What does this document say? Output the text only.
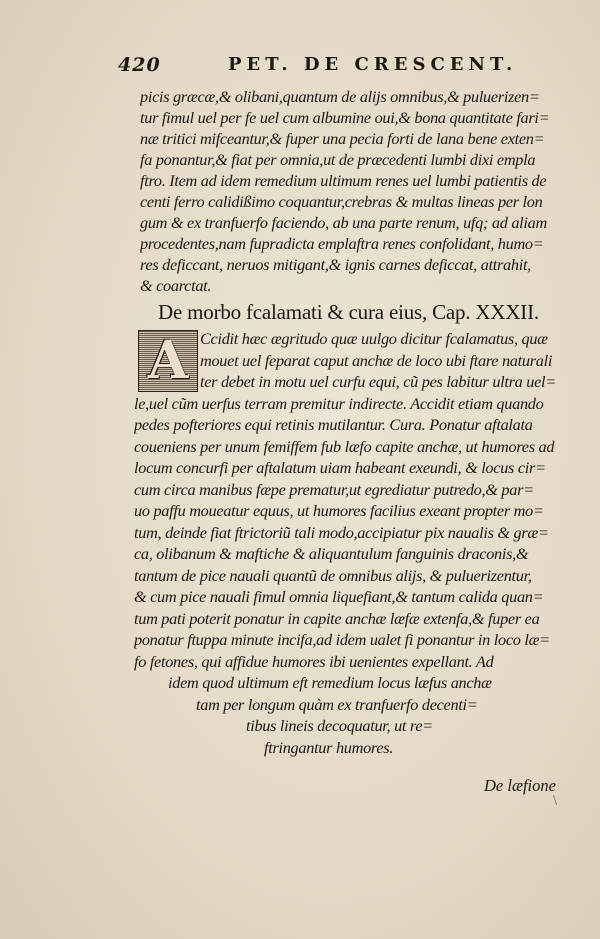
420	PET. DE CRESCENT.
picis græcæ,& olibani,quantum de alijs omnibus,& puluerizen=
tur fimul uel per fe uel cum albumine oui,& bona quantitate fari=
næ tritici mifceantur,& fuper una pecia forti de lana bene exten=
fa ponantur,& fiat per omnia,ut de præcedenti lumbi dixi empla
ftro. Item ad idem remedium ultimum renes uel lumbi patientis de
centi ferro calidißimo coquantur,crebras & multas lineas per lon
gum & ex tranfuerfo faciendo, ab una parte renum, ufq; ad aliam
procedentes,nam fupradicta emplaftra renes confolidant, humo=
res deficcant, neruos mitigant,& ignis carnes deficcat, attrahit,
& coarctat.
De morbo fcalamati & cura eius, Cap. XXXII.
A Ccidit hæc ægritudo quæ uulgo dicitur fcalamatus, quæ
mouet uel feparat caput anchæ de loco ubi ftare naturali
ter debet in motu uel curfu equi, cũ pes labitur ultra uel=
le,uel cũm uerfus terram premitur indirecte. Accidit etiam quando
pedes pofteriores equi retinis mutilantur. Cura. Ponatur aftalata
coueniens per unum femiffem fub læfo capite anchæ, ut humores ad
locum concurfi per aftalatum uiam habeant exeundi, & locus cir=
cum circa manibus fæpe prematur,ut egrediatur putredo,& par=
uo paffu moueatur equus, ut humores facilius exeant propter mo=
tum, deinde fiat ftrictoriũ tali modo,accipiatur pix naualis & græ=
ca, olibanum & maftiche & aliquantulum fanguinis draconis,&
tantum de pice nauali quantũ de omnibus alijs, & puluerizentur,
& cum pice nauali fimul omnia liquefiant,& tantum calida quan=
tum pati poterit ponatur in capite anchæ læfæ extenfa,& fuper ea
ponatur ftuppa minute incifa,ad idem ualet fi ponantur in loco læ=
fo fetones, qui affidue humores ibi uenientes expellant. Ad
idem quod ultimum eft remedium locus læfus anchæ
tam per longum quàm ex tranfuerfo decenti=
tibus lineis decoquatur, ut re=
ftringantur humores.
De læfione
\
